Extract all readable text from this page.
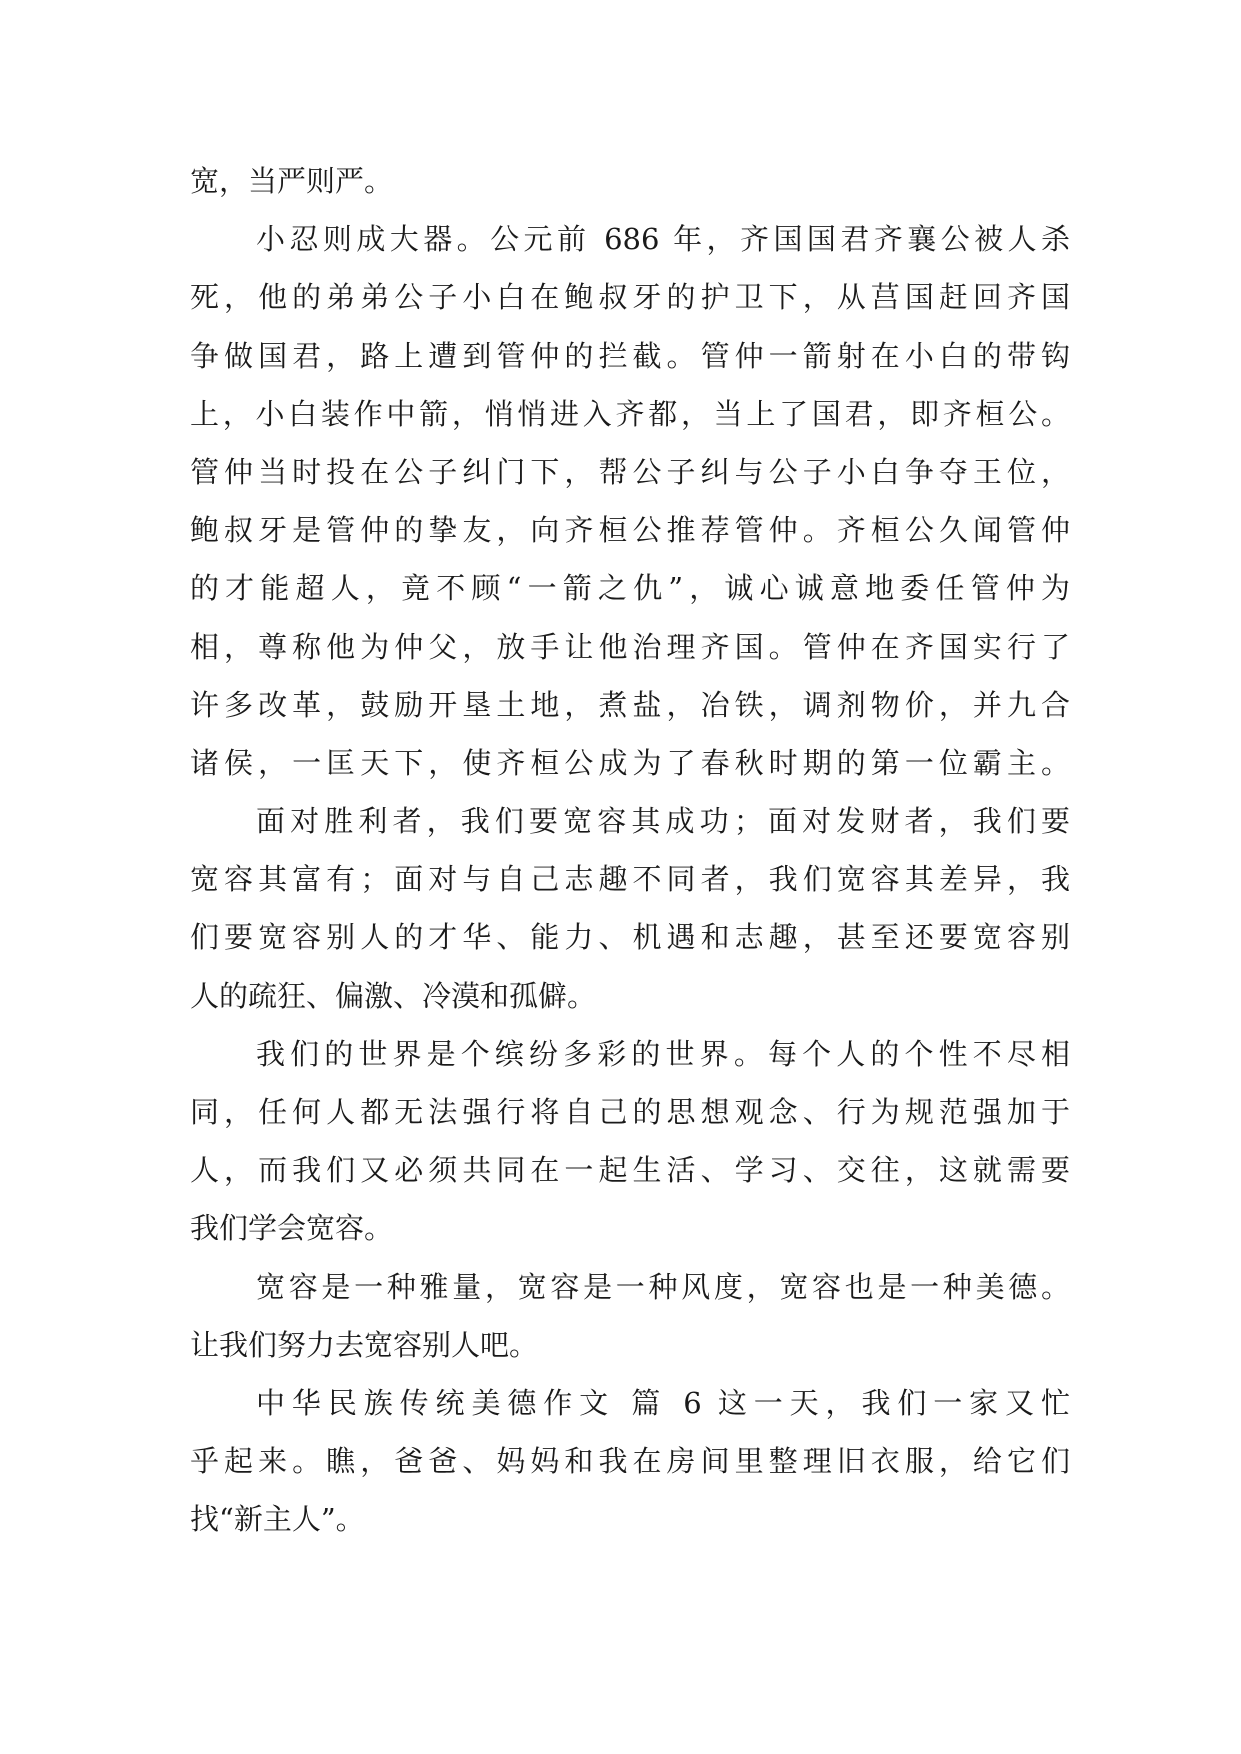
宽，当严则严。
小忍则成大器。公元前 686 年，齐国国君齐襄公被人杀
死，他的弟弟公子小白在鲍叔牙的护卫下，从莒国赶回齐国
争做国君，路上遭到管仲的拦截。管仲一箭射在小白的带钩
上，小白装作中箭，悄悄进入齐都，当上了国君，即齐桓公。
管仲当时投在公子纠门下，帮公子纠与公子小白争夺王位，
鲍叔牙是管仲的挚友，向齐桓公推荐管仲。齐桓公久闻管仲
的才能超人，竟不顾“一箭之仇”，诚心诚意地委任管仲为
相，尊称他为仲父，放手让他治理齐国。管仲在齐国实行了
许多改革，鼓励开垦土地，煮盐，冶铁，调剂物价，并九合
诸侯，一匡天下，使齐桓公成为了春秋时期的第一位霸主。
面对胜利者，我们要宽容其成功；面对发财者，我们要
宽容其富有；面对与自己志趣不同者，我们宽容其差异，我
们要宽容别人的才华、能力、机遇和志趣，甚至还要宽容别
人的疏狂、偏激、冷漠和孤僻。
我们的世界是个缤纷多彩的世界。每个人的个性不尽相
同，任何人都无法强行将自己的思想观念、行为规范强加于
人，而我们又必须共同在一起生活、学习、交往，这就需要
我们学会宽容。
宽容是一种雅量，宽容是一种风度，宽容也是一种美德。
让我们努力去宽容别人吧。
中华民族传统美德作文 篇 6 这一天，我们一家又忙
乎起来。瞧，爸爸、妈妈和我在房间里整理旧衣服，给它们
找“新主人”。
